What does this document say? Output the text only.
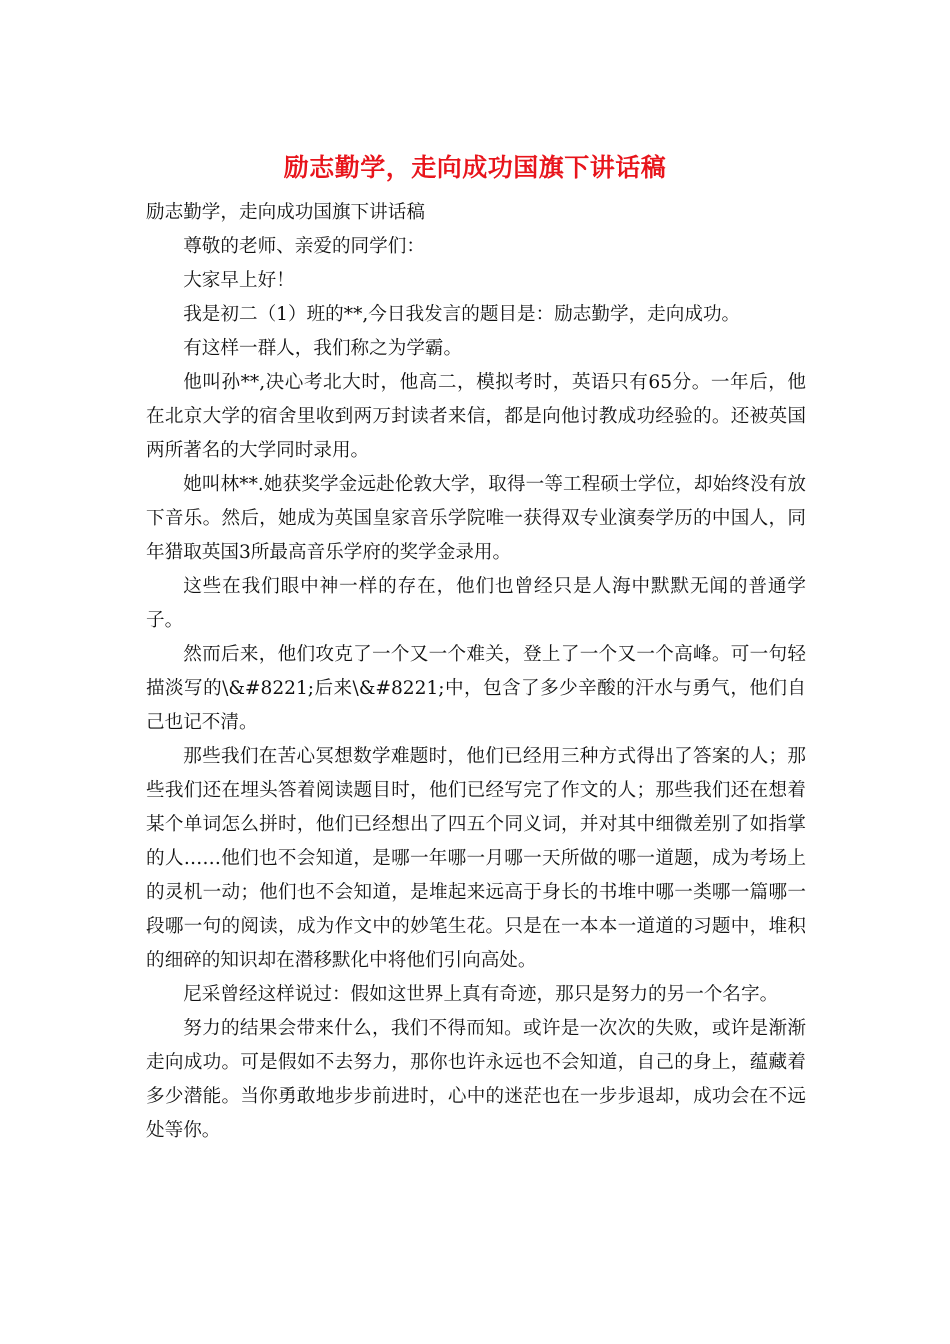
励志勤学，走向成功国旗下讲话稿

励志勤学，走向成功国旗下讲话稿

尊敬的老师、亲爱的同学们：

大家早上好！

我是初二（1）班的**,今日我发言的题目是：励志勤学，走向成功。

有这样一群人，我们称之为学霸。

他叫孙**,决心考北大时，他高二，模拟考时，英语只有65分。一年后，他在北京大学的宿舍里收到两万封读者来信，都是向他讨教成功经验的。还被英国两所著名的大学同时录用。

她叫林**.她获奖学金远赴伦敦大学，取得一等工程硕士学位，却始终没有放下音乐。然后，她成为英国皇家音乐学院唯一获得双专业演奏学历的中国人，同年猎取英国3所最高音乐学府的奖学金录用。

这些在我们眼中神一样的存在，他们也曾经只是人海中默默无闻的普通学子。

然而后来，他们攻克了一个又一个难关，登上了一个又一个高峰。可一句轻描淡写的\&#8221;后来\&#8221;中，包含了多少辛酸的汗水与勇气，他们自己也记不清。

那些我们在苦心冥想数学难题时，他们已经用三种方式得出了答案的人；那些我们还在埋头答着阅读题目时，他们已经写完了作文的人；那些我们还在想着某个单词怎么拼时，他们已经想出了四五个同义词，并对其中细微差别了如指掌的人……他们也不会知道，是哪一年哪一月哪一天所做的哪一道题，成为考场上的灵机一动；他们也不会知道，是堆起来远高于身长的书堆中哪一类哪一篇哪一段哪一句的阅读，成为作文中的妙笔生花。只是在一本本一道道的习题中，堆积的细碎的知识却在潜移默化中将他们引向高处。

尼采曾经这样说过：假如这世界上真有奇迹，那只是努力的另一个名字。

努力的结果会带来什么，我们不得而知。或许是一次次的失败，或许是渐渐走向成功。可是假如不去努力，那你也许永远也不会知道，自己的身上，蕴藏着多少潜能。当你勇敢地步步前进时，心中的迷茫也在一步步退却，成功会在不远处等你。
